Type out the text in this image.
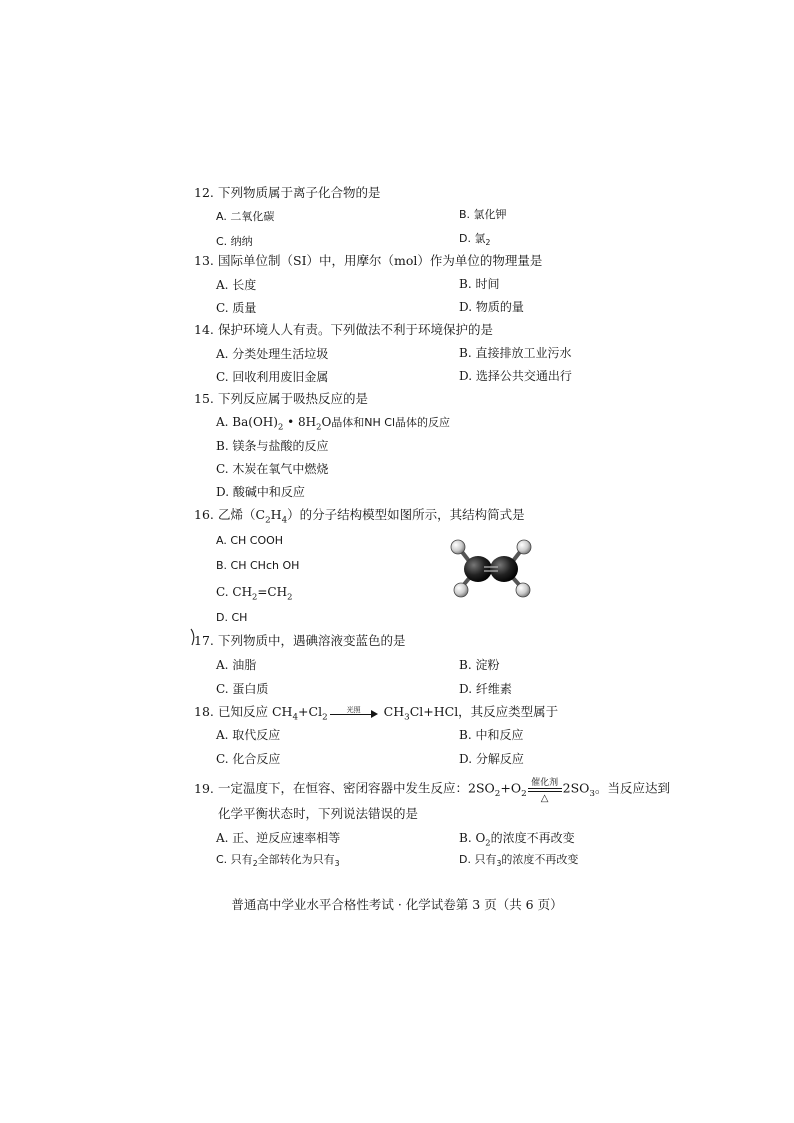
12. 下列物质属于离子化合物的是
A. 二氧化碳	B. 氯化钾
C. 纳纳	D. 氯$_2$
13. 国际单位制（SI）中，用摩尔（mol）作为单位的物理量是
A. 长度	B. 时间
C. 质量	D. 物质的量
14. 保护环境人人有责。下列做法不利于环境保护的是
A. 分类处理生活垃圾	B. 直接排放工业污水
C. 回收利用废旧金属	D. 选择公共交通出行
15. 下列反应属于吸热反应的是
A. $Ba(OH)_2$ • $8H_2O$晶体和NH Cl晶体的反应
B. 镁条与盐酸的反应
C. 木炭在氧气中燃烧
D. 酸碱中和反应
16. 乙烯$(C_2H_4)$的分子结构模型如图所示，其结构简式是
A. CH COOH
B. CH CHch OH
C. $CH_2=CH_2$
D. CH
17. 下列物质中，遇碘溶液变蓝色的是
A. 油脂	B. 淀粉
C. 蛋白质	D. 纤维素
18. 已知反应 $CH_4+Cl_2$
光照	$CH_3Cl+HCl$，其反应类型属于
A. 取代反应	B. 中和反应
C. 化合反应	D. 分解反应
19. 一定温度下，在恒容、密闭容器中发生反应：$2SO_2+O_2$
催化剂
△
$2SO_3$。当反应达到
化学平衡状态时，下列说法错误的是
A. 正、逆反应速率相等	B. $O_2$的浓度不再改变
C. 只有$_2$全部转化为只有$_3$	D. 只有$_3$的浓度不再改变
普通高中学业水平合格性考试 · 化学试卷第 3 页（共 6 页）
